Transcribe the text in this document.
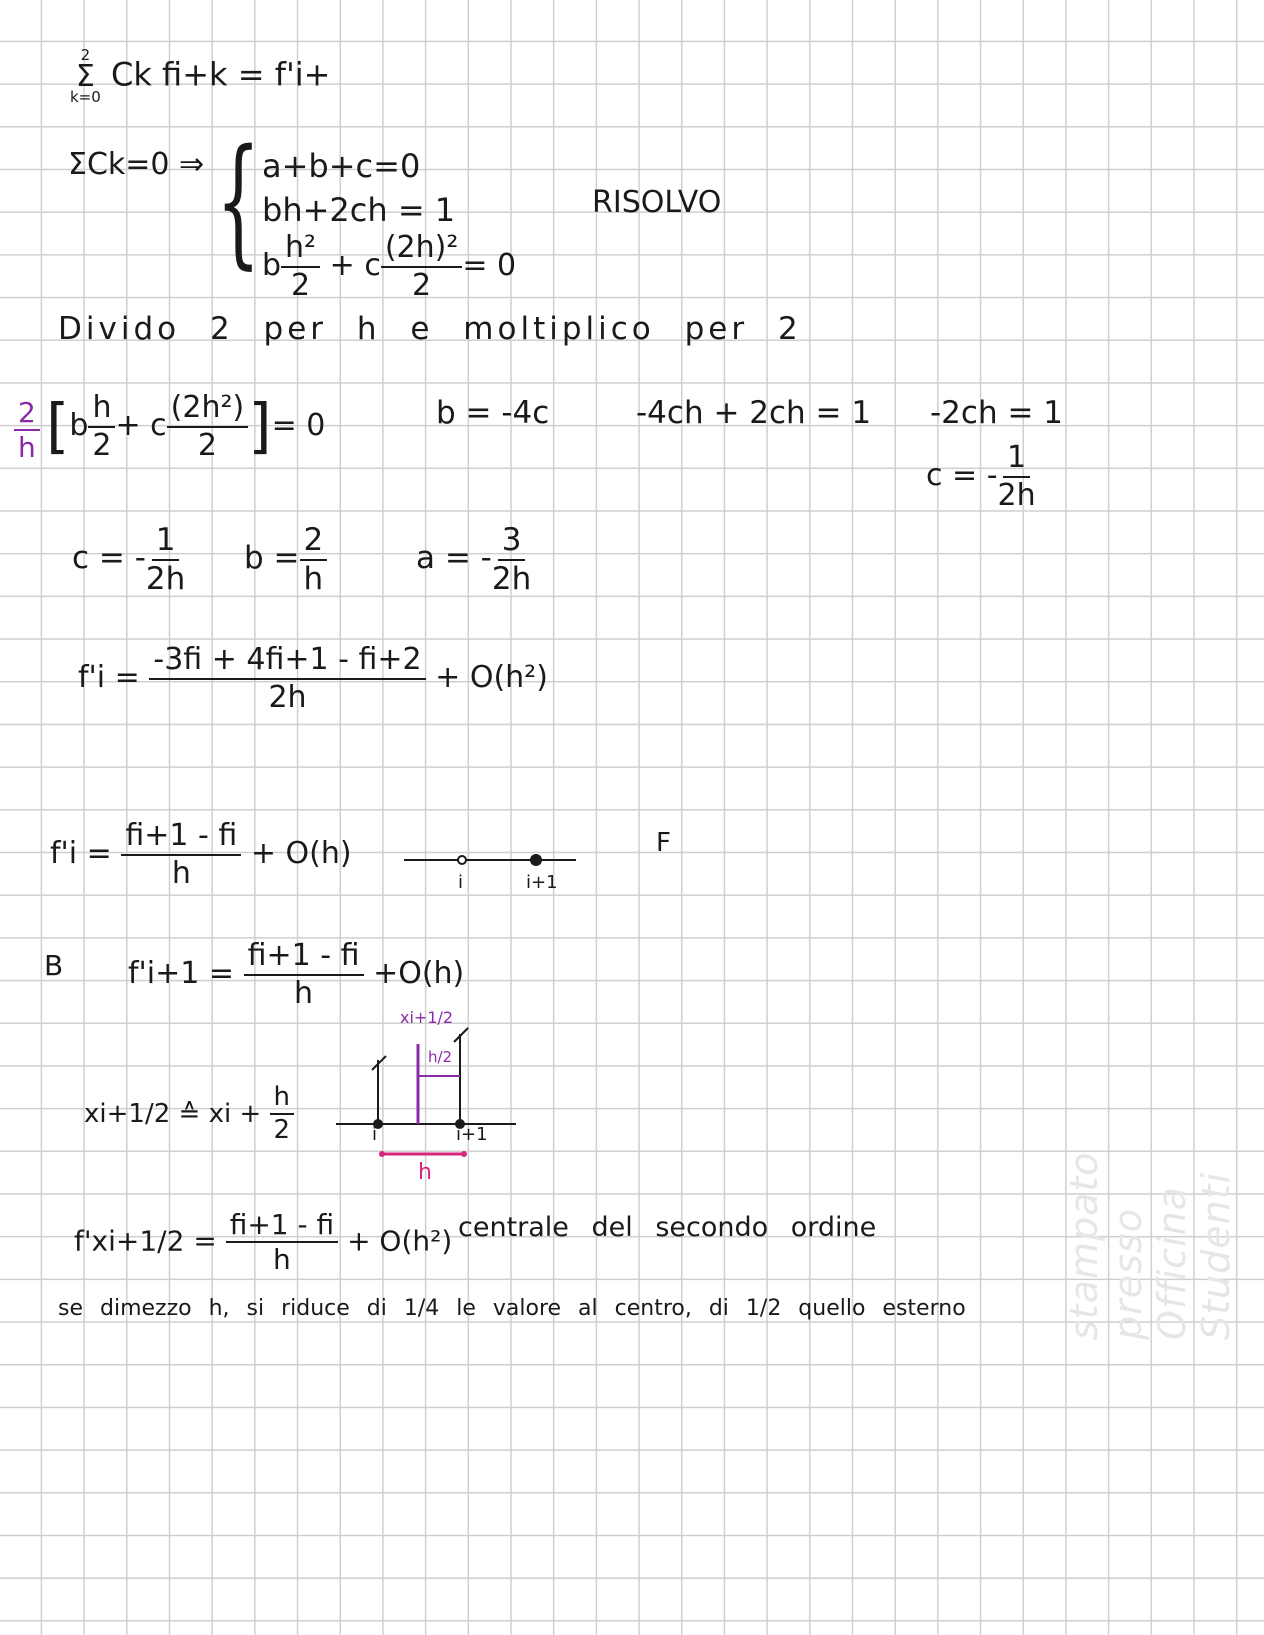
2
Σ
k=0
Ck fi+k = f'i+
ΣCk=0 ⇒ { a+b+c=0
bh+2ch = 1
b $\frac{\text{h²}}{2} + c \frac{\text{(2h)²}}{2} = 0$
RISOLVO
Divido 2 per h e moltiplico per 2
$\frac{2}{h} [b \frac{h}{2} + c \frac{\text{(2h²)}}{2}$ ]= 0	b = -4c	-4ch + 2ch = 1 -2ch = 1
c = - $\frac{1}{2h}$
c = - $\frac{1}{2h}$ $b = \frac{2}{h}$	a = - $\frac{3}{2h}$
$f'i = \frac{-3fi + 4fi+1 - fi+2}{2h} + O(h^2)$
$f'i = \frac{fi+1 - fi}{h} + O(h)$
i	i+1
F
B $f'i+1 = \frac{fi+1 - fi}{h} +O(h)$
xi+1/2 ≙ xi + $\frac{h}{2}$
xi+1/2
h/2
i	i+1
h
$f'xi+1/2 = \frac{fi+1 - fi}{h} + O(h^2)$ centrale del secondo ordine
se dimezzo h, si riduce di 1/4 le valore al centro, di 1/2 quello esterno	stampato presso Officina Studenti
